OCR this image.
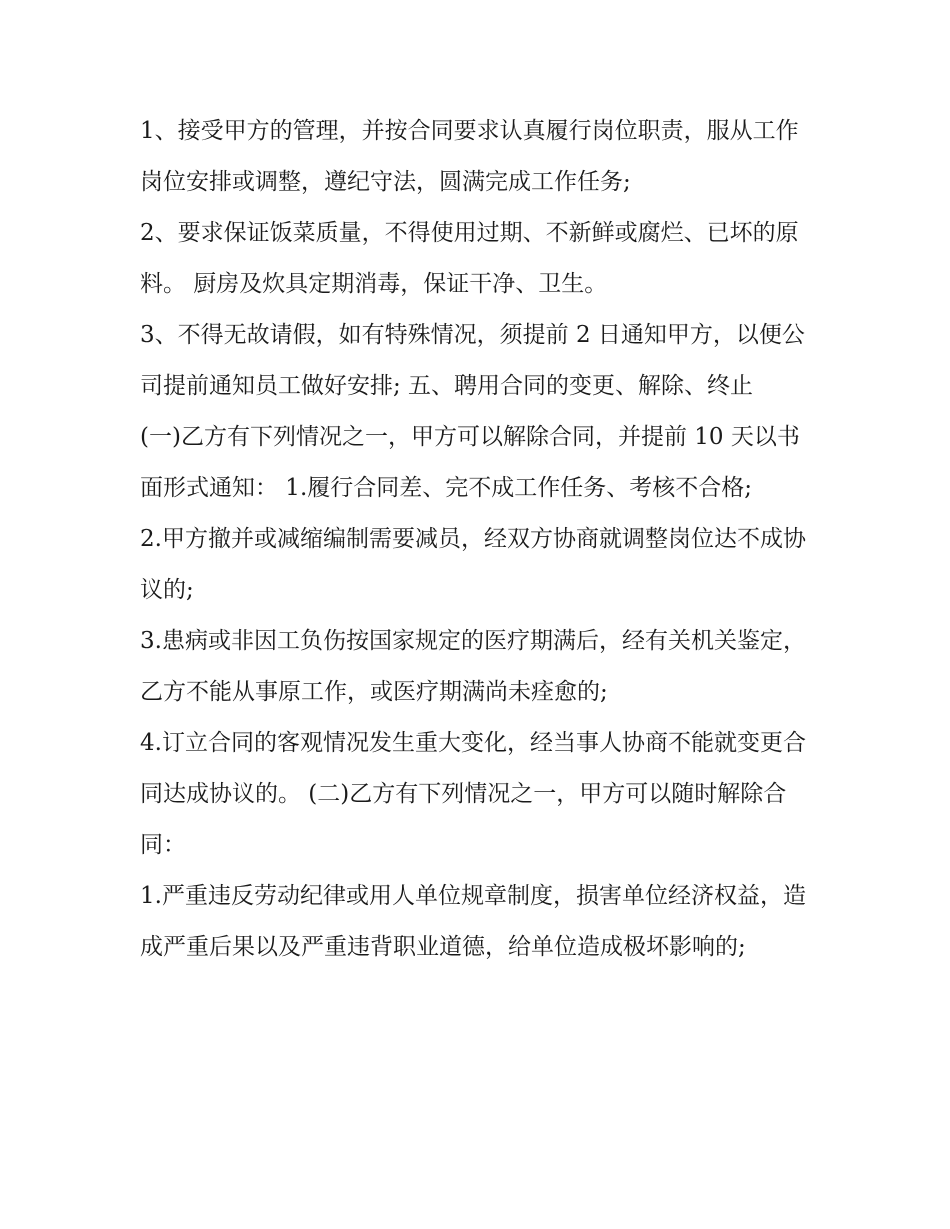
1、接受甲方的管理，并按合同要求认真履行岗位职责，服从工作岗位安排或调整，遵纪守法，圆满完成工作任务;

2、要求保证饭菜质量，不得使用过期、不新鲜或腐烂、已坏的原料。 厨房及炊具定期消毒，保证干净、卫生。

3、不得无故请假，如有特殊情况，须提前 2 日通知甲方，以便公司提前通知员工做好安排; 五、聘用合同的变更、解除、终止

(一)乙方有下列情况之一，甲方可以解除合同，并提前 10 天以书面形式通知： 1.履行合同差、完不成工作任务、考核不合格;

2.甲方撤并或减缩编制需要减员，经双方协商就调整岗位达不成协议的;

3.患病或非因工负伤按国家规定的医疗期满后，经有关机关鉴定，乙方不能从事原工作，或医疗期满尚未痊愈的;

4.订立合同的客观情况发生重大变化，经当事人协商不能就变更合同达成协议的。 (二)乙方有下列情况之一，甲方可以随时解除合同：

1.严重违反劳动纪律或用人单位规章制度，损害单位经济权益，造成严重后果以及严重违背职业道德，给单位造成极坏影响的;
